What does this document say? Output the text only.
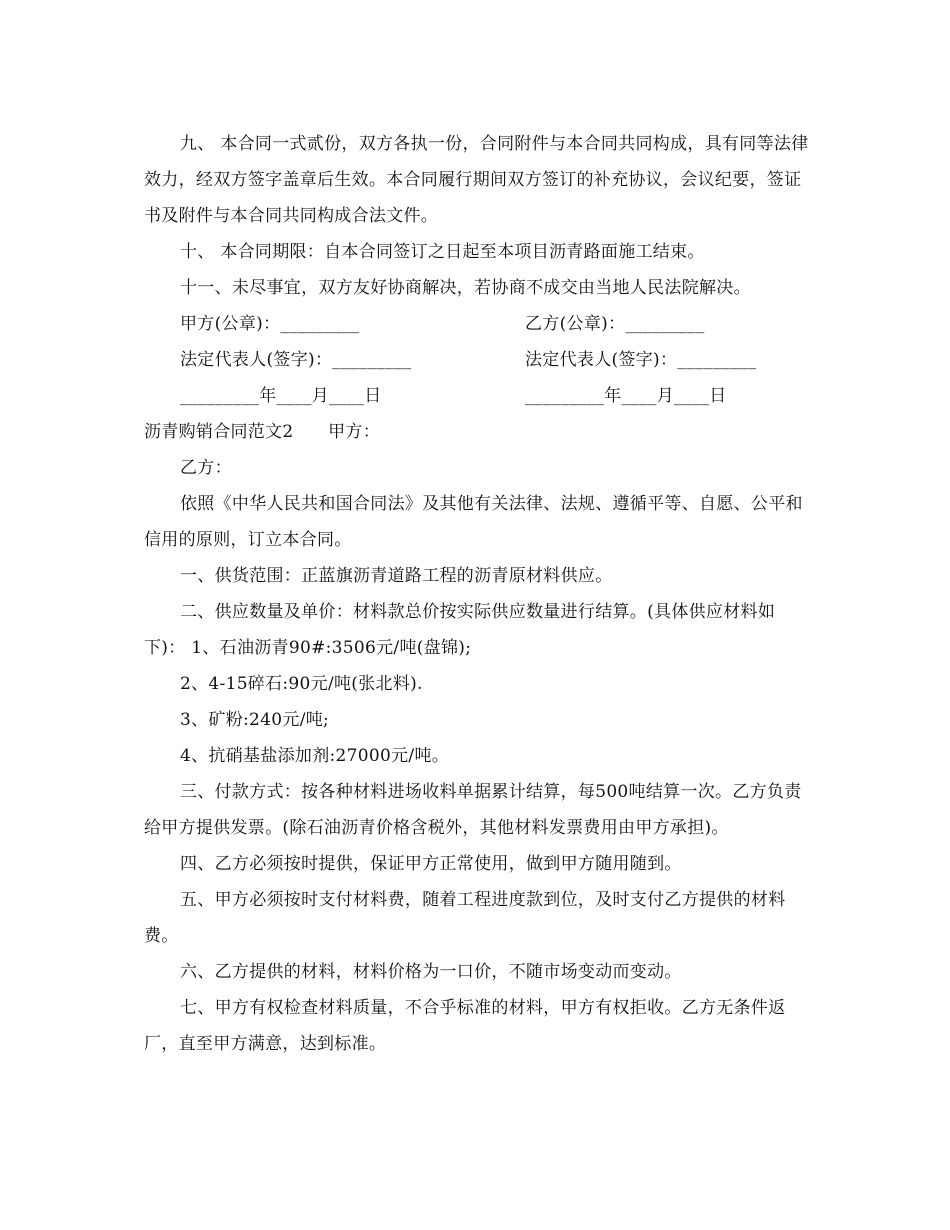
九、 本合同一式贰份，双方各执一份，合同附件与本合同共同构成，具有同等法律效力，经双方签字盖章后生效。本合同履行期间双方签订的补充协议，会议纪要，签证书及附件与本合同共同构成合法文件。

十、 本合同期限：自本合同签订之日起至本项目沥青路面施工结束。

十一、未尽事宜，双方友好协商解决，若协商不成交由当地人民法院解决。

甲方(公章)：_________	乙方(公章)：_________
法定代表人(签字)：_________	法定代表人(签字)：_________
_________年____月____日	_________年____月____日

沥青购销合同范文2　　甲方：

乙方：

依照《中华人民共和国合同法》及其他有关法律、法规、遵循平等、自愿、公平和信用的原则，订立本合同。

一、供货范围：正蓝旗沥青道路工程的沥青原材料供应。

二、供应数量及单价：材料款总价按实际供应数量进行结算。(具体供应材料如下)： 1、石油沥青90#:3506元/吨(盘锦);

2、4-15碎石:90元/吨(张北料).

3、矿粉:240元/吨;

4、抗硝基盐添加剂:27000元/吨。

三、付款方式：按各种材料进场收料单据累计结算，每500吨结算一次。乙方负责给甲方提供发票。(除石油沥青价格含税外，其他材料发票费用由甲方承担)。

四、乙方必须按时提供，保证甲方正常使用，做到甲方随用随到。

五、甲方必须按时支付材料费，随着工程进度款到位，及时支付乙方提供的材料费。

六、乙方提供的材料，材料价格为一口价，不随市场变动而变动。

七、甲方有权检查材料质量，不合乎标准的材料，甲方有权拒收。乙方无条件返厂，直至甲方满意，达到标准。
